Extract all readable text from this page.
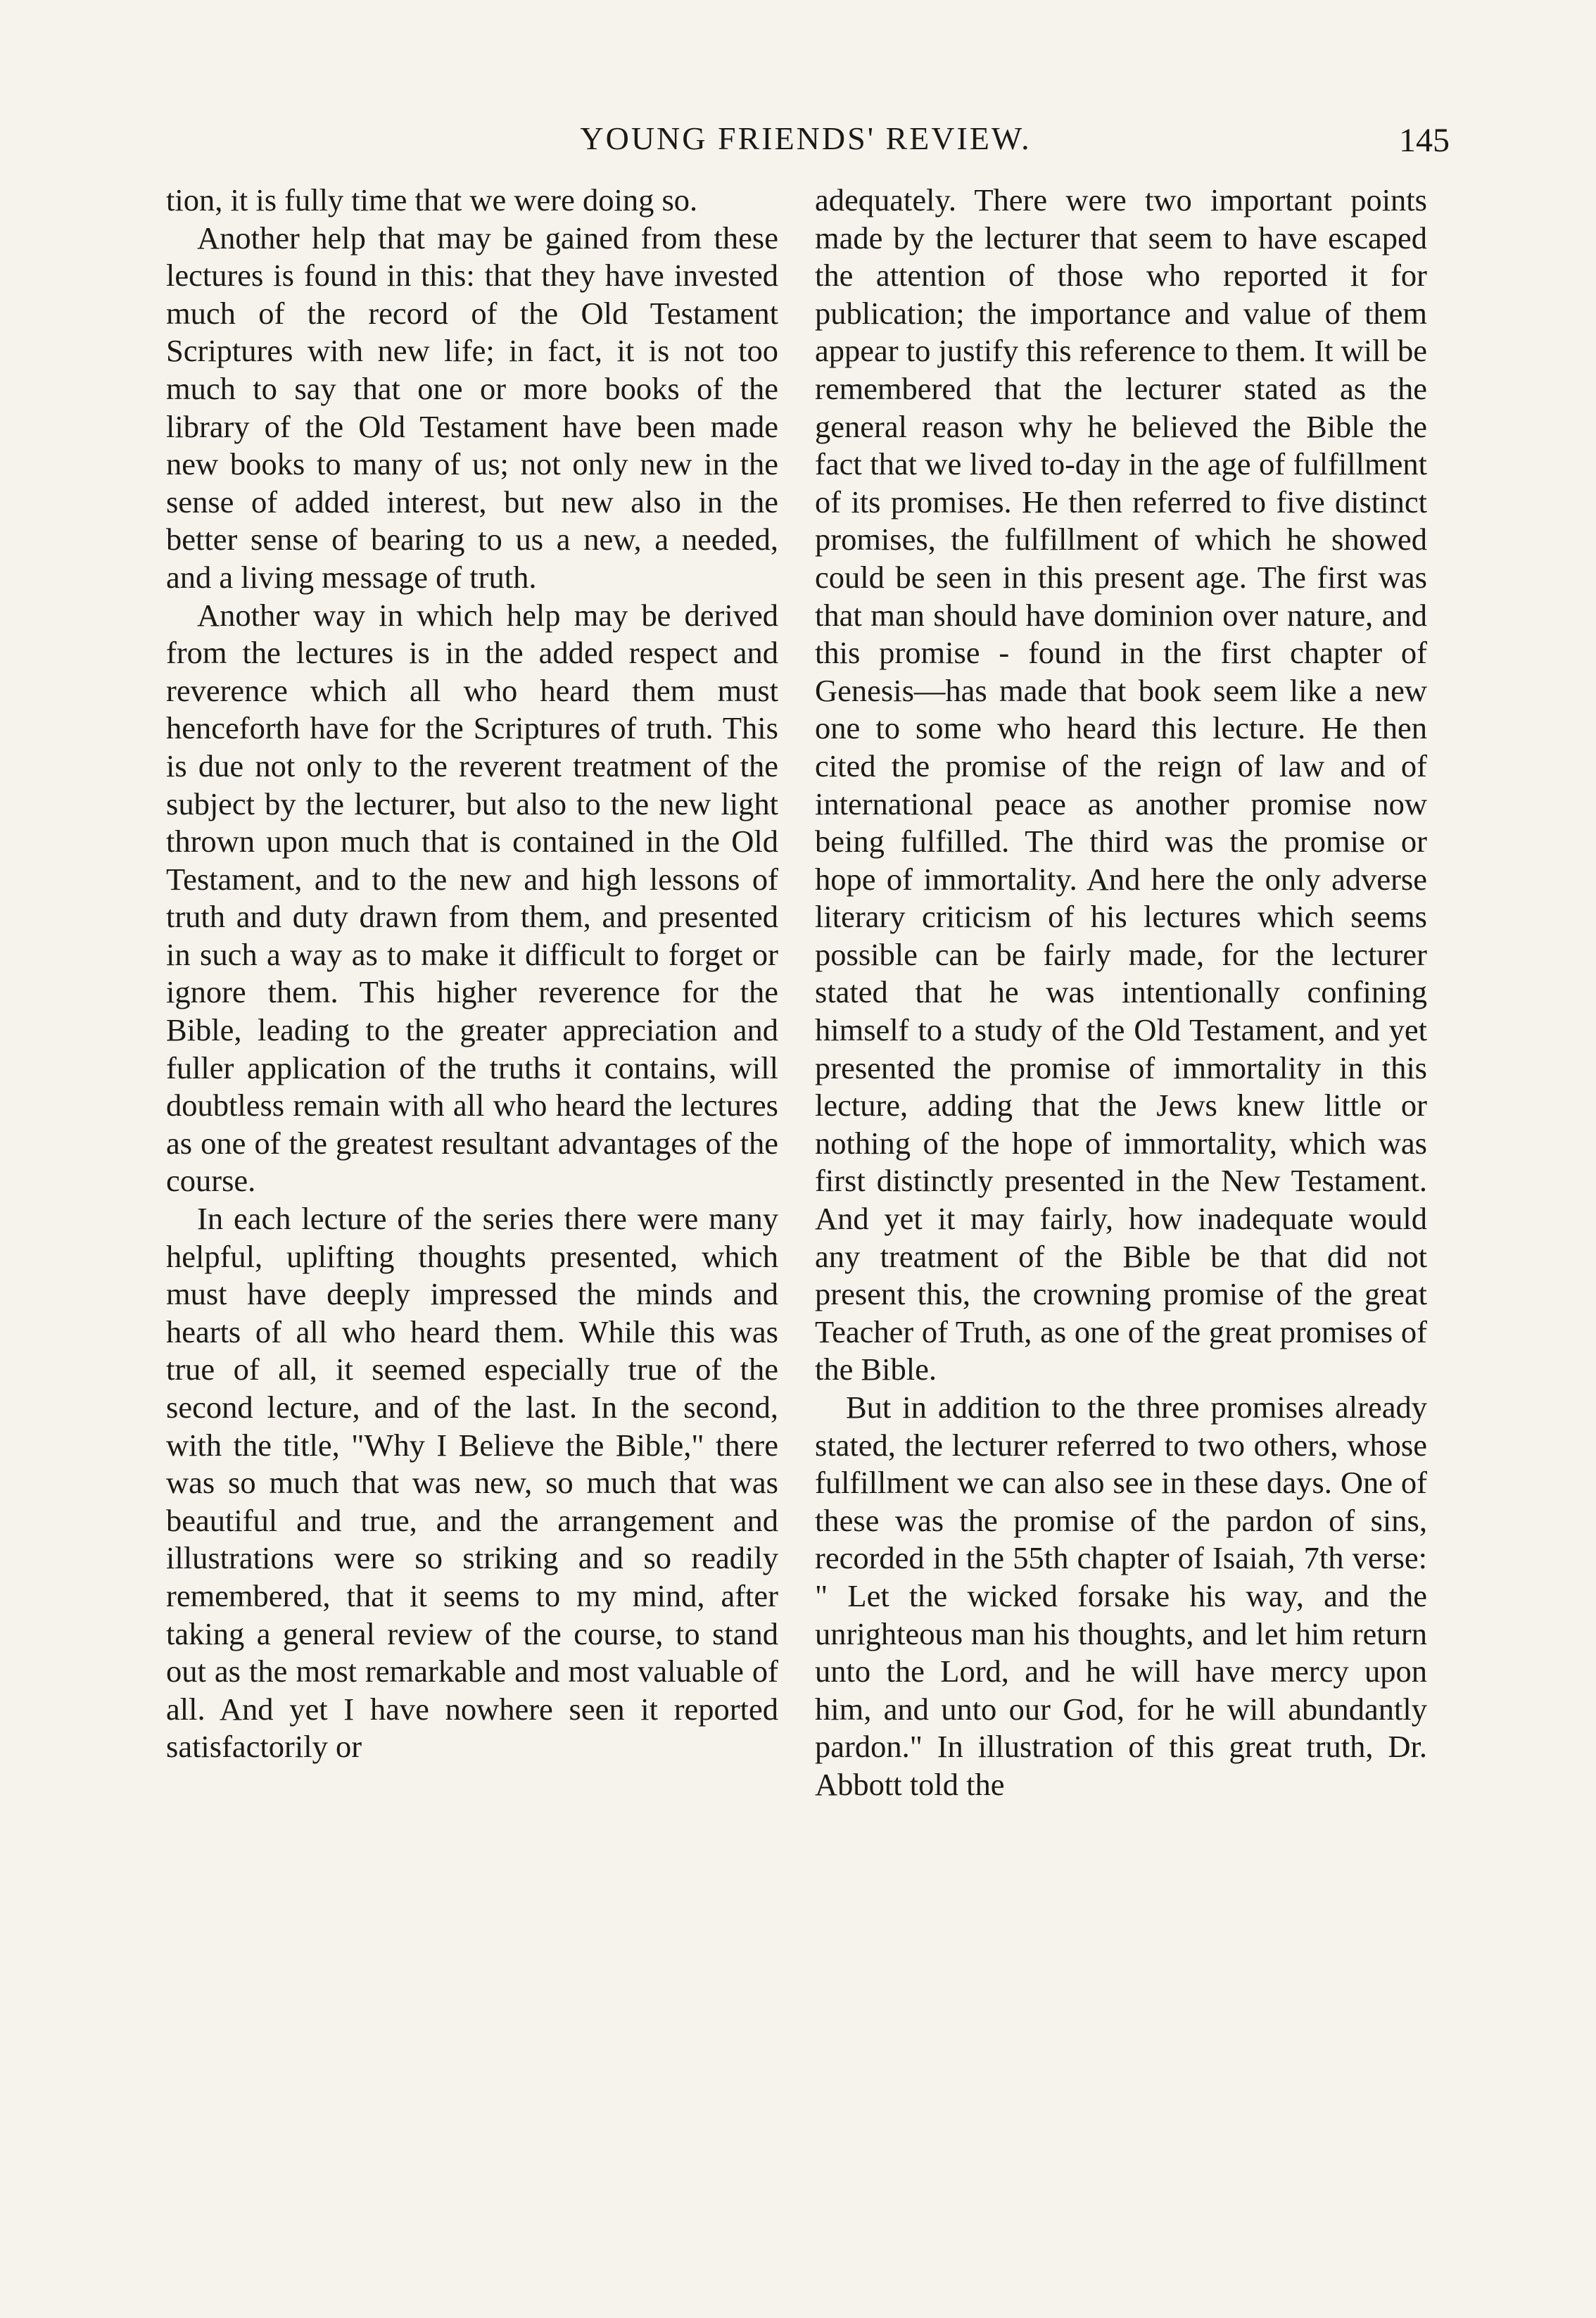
YOUNG FRIENDS' REVIEW.	145

tion, it is fully time that we were doing so.

Another help that may be gained from these lectures is found in this: that they have invested much of the record of the Old Testament Scriptures with new life; in fact, it is not too much to say that one or more books of the library of the Old Testament have been made new books to many of us; not only new in the sense of added interest, but new also in the better sense of bearing to us a new, a needed, and a living message of truth.

Another way in which help may be derived from the lectures is in the added respect and reverence which all who heard them must henceforth have for the Scriptures of truth. This is due not only to the reverent treatment of the subject by the lecturer, but also to the new light thrown upon much that is contained in the Old Testament, and to the new and high lessons of truth and duty drawn from them, and presented in such a way as to make it difficult to forget or ignore them. This higher reverence for the Bible, leading to the greater appreciation and fuller application of the truths it contains, will doubtless remain with all who heard the lectures as one of the greatest resultant advantages of the course.

In each lecture of the series there were many helpful, uplifting thoughts presented, which must have deeply impressed the minds and hearts of all who heard them. While this was true of all, it seemed especially true of the second lecture, and of the last. In the second, with the title, "Why I Believe the Bible," there was so much that was new, so much that was beautiful and true, and the arrangement and illustrations were so striking and so readily remembered, that it seems to my mind, after taking a general review of the course, to stand out as the most remarkable and most valuable of all. And yet I have nowhere seen it reported satisfactorily or

adequately. There were two important points made by the lecturer that seem to have escaped the attention of those who reported it for publication; the importance and value of them appear to justify this reference to them. It will be remembered that the lecturer stated as the general reason why he believed the Bible the fact that we lived to-day in the age of fulfillment of its promises. He then referred to five distinct promises, the fulfillment of which he showed could be seen in this present age. The first was that man should have dominion over nature, and this promise - found in the first chapter of Genesis—has made that book seem like a new one to some who heard this lecture. He then cited the promise of the reign of law and of international peace as another promise now being fulfilled. The third was the promise or hope of immortality. And here the only adverse literary criticism of his lectures which seems possible can be fairly made, for the lecturer stated that he was intentionally confining himself to a study of the Old Testament, and yet presented the promise of immortality in this lecture, adding that the Jews knew little or nothing of the hope of immortality, which was first distinctly presented in the New Testament. And yet it may fairly, how inadequate would any treatment of the Bible be that did not present this, the crowning promise of the great Teacher of Truth, as one of the great promises of the Bible.

But in addition to the three promises already stated, the lecturer referred to two others, whose fulfillment we can also see in these days. One of these was the promise of the pardon of sins, recorded in the 55th chapter of Isaiah, 7th verse: " Let the wicked forsake his way, and the unrighteous man his thoughts, and let him return unto the Lord, and he will have mercy upon him, and unto our God, for he will abundantly pardon." In illustration of this great truth, Dr. Abbott told the
